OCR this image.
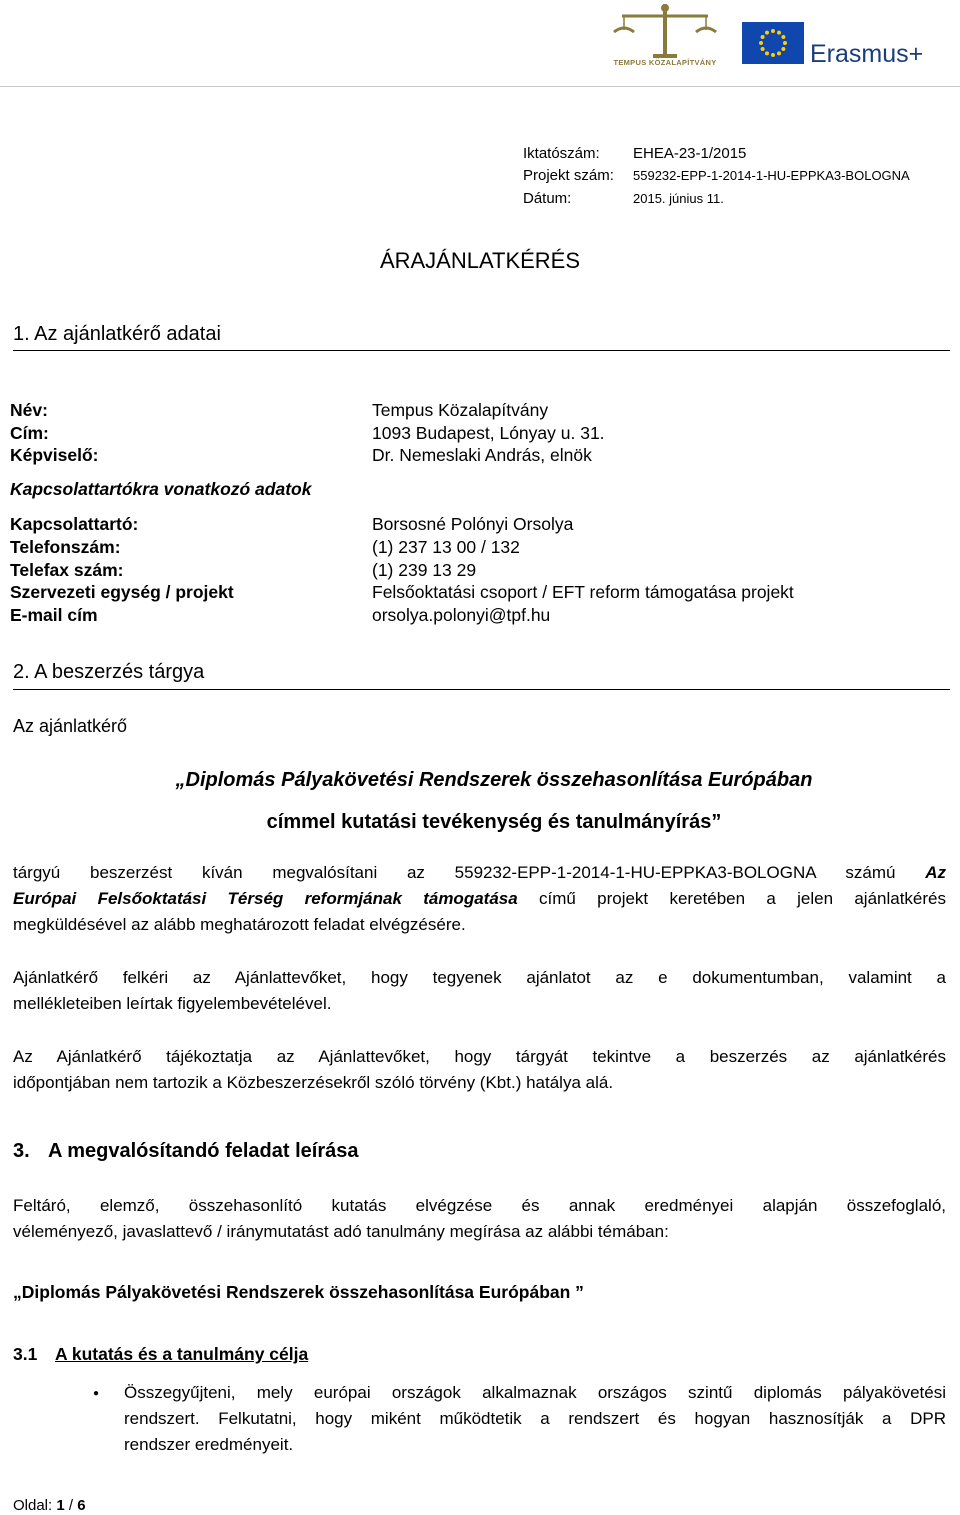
TEMPUS KÖZALAPÍTVÁNY	Erasmus+
Iktatószám: EHEA-23-1/2015
Projekt szám: 559232-EPP-1-2014-1-HU-EPPKA3-BOLOGNA
Dátum:	2015. június 11.
ÁRAJÁNLATKÉRÉS
1. Az ajánlatkérő adatai
Név:	Tempus Közalapítvány
Cím:	1093 Budapest, Lónyay u. 31.
Képviselő:	Dr. Nemeslaki András, elnök
Kapcsolattartókra vonatkozó adatok
Kapcsolattartó:	Borsosné Polónyi Orsolya
Telefonszám:	(1) 237 13 00 / 132
Telefax szám:	(1) 239 13 29
Szervezeti egység / projekt	Felsőoktatási csoport / EFT reform támogatása projekt
E-mail cím	orsolya.polonyi@tpf.hu
2. A beszerzés tárgya
Az ajánlatkérő
„Diplomás Pályakövetési Rendszerek összehasonlítása Európában
címmel kutatási tevékenység és tanulmányírás”
tárgyú beszerzést kíván megvalósítani az 559232-EPP-1-2014-1-HU-EPPKA3-BOLOGNA számú Az
Európai Felsőoktatási Térség reformjának támogatása című projekt keretében a jelen ajánlatkérés
megküldésével az alább meghatározott feladat elvégzésére.
Ajánlatkérő felkéri az Ajánlattevőket, hogy tegyenek ajánlatot az e dokumentumban, valamint a
mellékleteiben leírtak figyelembevételével.
Az Ajánlatkérő tájékoztatja az Ajánlattevőket, hogy tárgyát tekintve a beszerzés az ajánlatkérés
időpontjában nem tartozik a Közbeszerzésekről szóló törvény (Kbt.) hatálya alá.
3. A megvalósítandó feladat leírása
Feltáró, elemző, összehasonlító kutatás elvégzése és annak eredményei alapján összefoglaló,
véleményező, javaslattevő / iránymutatást adó tanulmány megírása az alábbi témában:
„Diplomás Pályakövetési Rendszerek összehasonlítása Európában ”
3.1 A kutatás és a tanulmány célja
● Összegyűjteni, mely európai országok alkalmaznak országos szintű diplomás pályakövetési
rendszert. Felkutatni, hogy miként működtetik a rendszert és hogyan hasznosítják a DPR
rendszer eredményeit.
Oldal: 1 / 6
